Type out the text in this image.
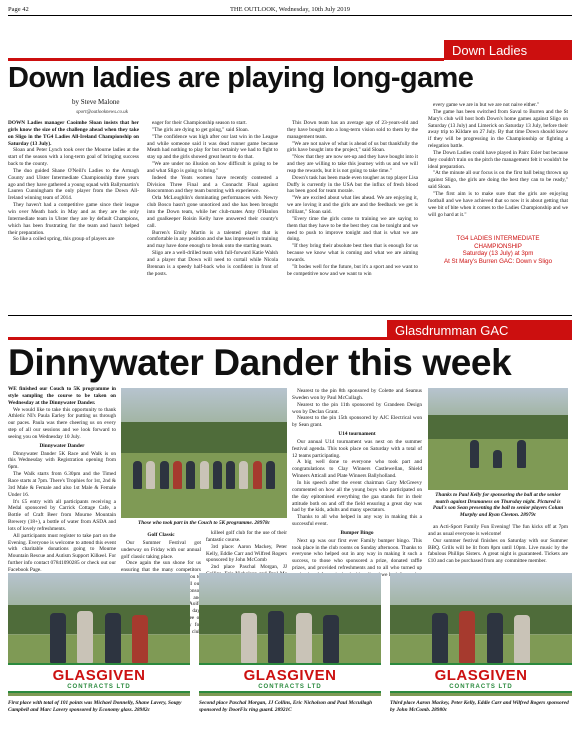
Page 42	THE OUTLOOK, Wednesday, 10th July 2019
Down Ladies
Down ladies are playing long-game
by Steve Malone
sport@outlooknews.co.uk

DOWN Ladies manager Caoimhe Sloan insists that her girls know the size of the challenge ahead when they take on Sligo in the TG4 Ladies All-Ireland Championship on Saturday (13 July).

Sloan and Peter Lynch took over the Mourne ladies at the start of the season with a long-term goal of bringing success back to the county.

The duo guided Shane O'Neill's Ladies to the Armagh County and Ulster Intermediate Championship three years ago and they have gathered a young squad with Ballymartin's Lauren Cunningham the only player from the Down All-Ireland winning team of 2014.

They haven't had a competitive game since their league win over Meath back in May and as they are the only Intermediate team in Ulster they are by default Champions, which has been frustrating for the team and hasn't helped their preparation.

So like a coiled spring, this group of players are

eager for their Championship season to start.

"The girls are dying to get going," said Sloan.

"The confidence was high after our last win in the League and while someone said it was dead runner game because Meath had nothing to play for but certainly we had to fight to stay up and the girls showed great heart to do that.

"We are under no illusion on how difficult is going to be and what Sligo is going to bring."

Indeed the Yeats women have recently contested a Division Three Final and a Connacht Final against Roscommon and they team bursting with experience.

Orla McLoughlin's dominating performances with Newry club Bosco hasn't gone unnoticed and she has been brought into the Down team, while her club-mates Amy O'Hanlon and goalkeeper Roisin Kelly have answered their county's call.

Burren's Emily Martin is a talented player that is comfortable in any position and she has impressed in training and may have done enough to break onto the starting team.

Sligo are a well-drilled team with full-forward Katie Walsh and a player that Down will need to curtail while Nicola Brennan is a speedy half-back who is confident in front of the posts.

This Down team has an average age of 23-years-old and they have bought into a long-term vision sold to them by the management team.

"We are not naive of what is ahead of us but thankfully the girls have bought into the project," said Sloan.

"Now that they are now set-up and they have bought into it and they are willing to take this journey with us and we will reap the rewards, but it is not going to take time."

Down's task has been made even tougher as top player Lisa Duffy is currently in the USA but the influx of fresh blood has been good for team morale.

"We are excited about what lies ahead. We are enjoying it, we are loving it and the girls are and the feedback we get is brilliant," Sloan said.

"Every time the girls come to training we are saying to them that they have to be the best they can be tonight and we need to push to improve tonight and that is what we are doing.

"If they bring their absolute best then that is enough for us because we know what is coming and what we are aiming towards.

"It bodes well for the future, but it's a sport and we want to be competitive now and we want to win

every game we are in but we are not naive either."

The game has been switched from Saval to Burren and the St Mary's club will host both Down's home games against Sligo on Saturday (13 July) and Limerick on Saturday 13 July, before their away trip to Kildare on 27 July. By that time Down should know if they will be progressing in the Championship or fighting a relegation battle.

The Down Ladies could have played in Pairc Esler but because they couldn't train on the pitch the management felt it wouldn't be ideal preparation.

"At the minute all our focus is on the first ball being thrown up against Sligo, the girls are doing the best they can to be ready," said Sloan.

"The first aim is to make sure that the girls are enjoying football and we have achieved that so now it is about getting that wee bit of bite when it comes to the Ladies Championship and we will go hard at it."

TG4 LADIES INTERMEDIATE
CHAMPIONSHIP
Saturday (13 July) at 3pm
At St Mary's Burren GAC: Down v Sligo
Glasdrumman GAC
Dinnywater Dander this week

WE finished our Couch to 5K programme in style sampling the course to be taken on Wednesday at the Dinnywater Dander.

We would like to take this opportunity to thank Athletic NI's Paula Earley for putting us through our paces. Paula was there cheering us on every step of all our sessions and we look forward to seeing you on Wednesday 10 July.

Dinnywater Dander

Dinnywater Dander 5K Race and Walk is on this Wednesday with Registration opening from 6pm.

The Walk starts from 6.30pm and the Timed Race starts at 7pm. There's Trophies for 1st, 2nd & 3rd Male & Female and also 1st Male & Female Under 16.

It's £5 entry with all participants receiving a Medal sponsored by Carrick Cottage Cafe, a Bottle of Craft Beer from Mourne Mountain Brewery (18+), a bottle of water from ASDA and lots of lovely refreshments.

All participants must register to take part on the Evening. Everyone is welcome to attend this event with charitable donations going to Mourne Mountain Rescue and Autism Support Kilkeel. For further info contact 07841090285 or check out our Facebook Page.

Those who took part in the Couch to 5K programme. 28978c
Golf Classic

Our Summer Festival got underway on Friday with our annual golf classic taking place.

Once again the sun shone for us ensuring that the many competitors you our sponsor and Aoife day. for club

killeel golf club for the use of their fantastic course.

3rd place: Aaron Mackey, Peter Kelly, Eddie Carr and Wilfred Rogers sponsored by John McComb

2nd place Paschal Morgan, JJ

Nearest to the pin 8th sponsored by Colette and Seamus Sweden won by Paul McCullagh.

Nearest to the pin 11th sponsored by Grandeen Design won by Declan Grant.

Nearest to the pin 15th sponsored by AJC Electrical won by Sean grant.

U14 tournament

Our annual U14 tournament was next on the summer festival agenda. This took place on Saturday with a total of 12 teams participating.

A big well done to everyone who took part and congratulations to Clay Winners Castlewellan, Shield Winners Atticall and Plate Winners Ballyholland.

In his speech after the event chairman Gary McGreevy commented on how all the young boys who participated on the day epitomised everything the gaa stands for in their attitude both on and off the field ensuring a great day was had by the kids, adults and many spectators.

Thanks to all who helped in any way in making this a successful event.

Bumper Bingo

Next up was our first ever Family bumper bingo. This took place in the club rooms on Sunday afternoon. Thanks to everyone who helped out in any way in making it such a success, to those who sponsored a prize, donated raffle prizes, and provided refreshments and to all who turned up we

Thanks to Paul Kelly for sponsoring the ball at the senior match against Drumaness on Thursday night. Pictured is Paul's son Sean presenting the ball to senior players Colum Murphy and Ryan Cleeton. 28979c

an Acti-Sport Family Fun Evening! The fun kicks off at 7pm and as usual everyone is welcome!

Our summer festival finishes on Saturday with our Summer BBQ. Grills will be lit from 8pm until 10pm. Live music by the fabulous Phillips Sisters. A great night is guaranteed. Tickets are £10 and can be purchased from any committee member.

GLASGIVEN
CONTRACTS LTD
GLASGIVEN
CONTRACTS LTD
GLASGIVEN
CONTRACTS LTD
First place with total of 101 points was Michael Donnelly, Shane Lavery, Soupy Campbell and Marc Lavery sponsored by Economy glass. 28982c
Second place Paschal Morgan, JJ Collins, Eric Nicholson and Paul Mccullagh sponsored by DoorFix ring guard. 28921C
Third place Aaron Mackey, Peter Kelly, Eddie Carr and Wilfred Rogers sponsored by John McComb. 28980c
